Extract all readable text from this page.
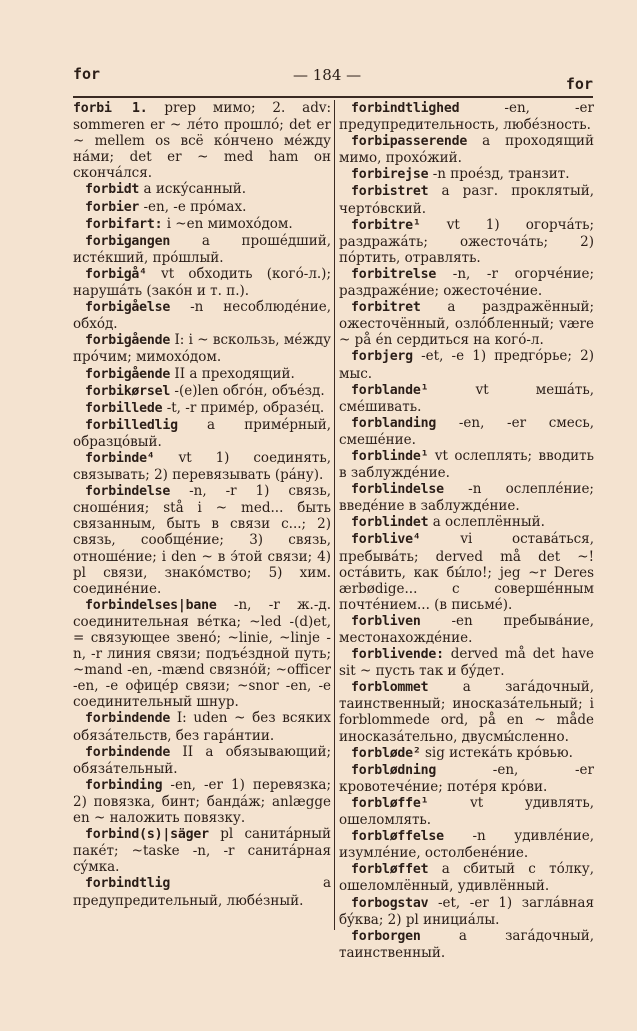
for	— 184 —	for
forbi 1. prep мимо; 2. adv: sommeren er ~ лéто прошлó; det er ~ mellem os всё кóнчено мéжду нáми; det er ~ med ham он скончáлся.
forbidt a искýсанный.
forbier -en, -e прóмах.
forbifart: i ~en мимохóдом.
forbigangen a прошéдший, истéкший, прóшлый.
forbigå⁴ vt обходить (когó-л.); нарушáть (закóн и т. п.).
forbigåelse -n несоблюдéние, обхóд.
forbigående I: i ~ вскользь, мéжду прóчим; мимохóдом.
forbigående II a преходящий.
forbikørsel -(e)len обгóн, объéзд.
forbillede -t, -r примéр, образéц.
forbilledlig a примéрный, образцóвый.
forbinde⁴ vt 1) соединять, связывать; 2) перевязывать (рáну).
forbindelse -n, -r 1) связь, сношéния; stå i ~ med... быть связанным, быть в связи с...; 2) связь, сообщéние; 3) связь, отношéние; i den ~ в э́той связи; 4) pl связи, знакóмство; 5) хим. соединéние.
forbindelses|bane -n, -r ж.-д. соединительная вéтка; ~led -(d)et, = связующее звенó; ~linie, ~linje -n, -r линия связи; подъéздной путь; ~mand -en, -mænd связнóй; ~officer -en, -e офицéр связи; ~snor -en, -e соединительный шнур.
forbindende I: uden ~ без всяких обязáтельств, без гарáнтии.
forbindende II a обязывающий; обязáтельный.
forbinding -en, -er 1) перевязка; 2) повязка, бинт; бандáж; anlægge en ~ наложить повязку.
forbind(s)|säger pl санитáрный пакéт; ~taske -n, -r санитáрная сýмка.
forbindtlig a предупредительный, любéзный.
forbindtlighed -en, -er предупредительность, любéзность.
forbipasserende a проходящий мимо, прохóжий.
forbirejse -n проéзд, транзит.
forbistret a разг. проклятый, чертóвский.
forbitre¹ vt 1) огорчáть; раздражáть; ожесточáть; 2) пóртить, отравлять.
forbitrelse -n, -r огорчéние; раздражéние; ожесточéние.
forbitret a раздражённый; ожесточённый, озлóбленный; være ~ på én сердиться на когó-л.
forbjerg -et, -e 1) предгóрье; 2) мыс.
forblande¹ vt мешáть, смéшивать.
forblanding -en, -er смесь, смешéние.
forblinde¹ vt ослеплять; вводить в заблуждéние.
forblindelse -n ослеплéние; введéние в заблуждéние.
forblindet a ослеплённый.
forblive⁴ vi оставáться, пребывáть; derved må det ~! остáвить, как бы́ло!; jeg ~r Deres ærbødige... с совершéнным почтéнием... (в письмé).
forbliven -en пребывáние, местонахождéние.
forblivende: derved må det have sit ~ пусть так и бýдет.
forblommet a загáдочный, таинственный; иносказáтельный; i forblommede ord, på en ~ måde иносказáтельно, двусмы́сленно.
forbløde² sig истекáть крóвью.
forblødning -en, -er кровотечéние; потéря крóви.
forbløffe¹ vt удивлять, ошеломлять.
forbløffelse -n удивлéние, изумлéние, остолбенéние.
forbløffet a сбитый с тóлку, ошеломлённый, удивлённый.
forbogstav -et, -er 1) заглáвная бýква; 2) pl инициáлы.
forborgen a загáдочный, таинственный.
